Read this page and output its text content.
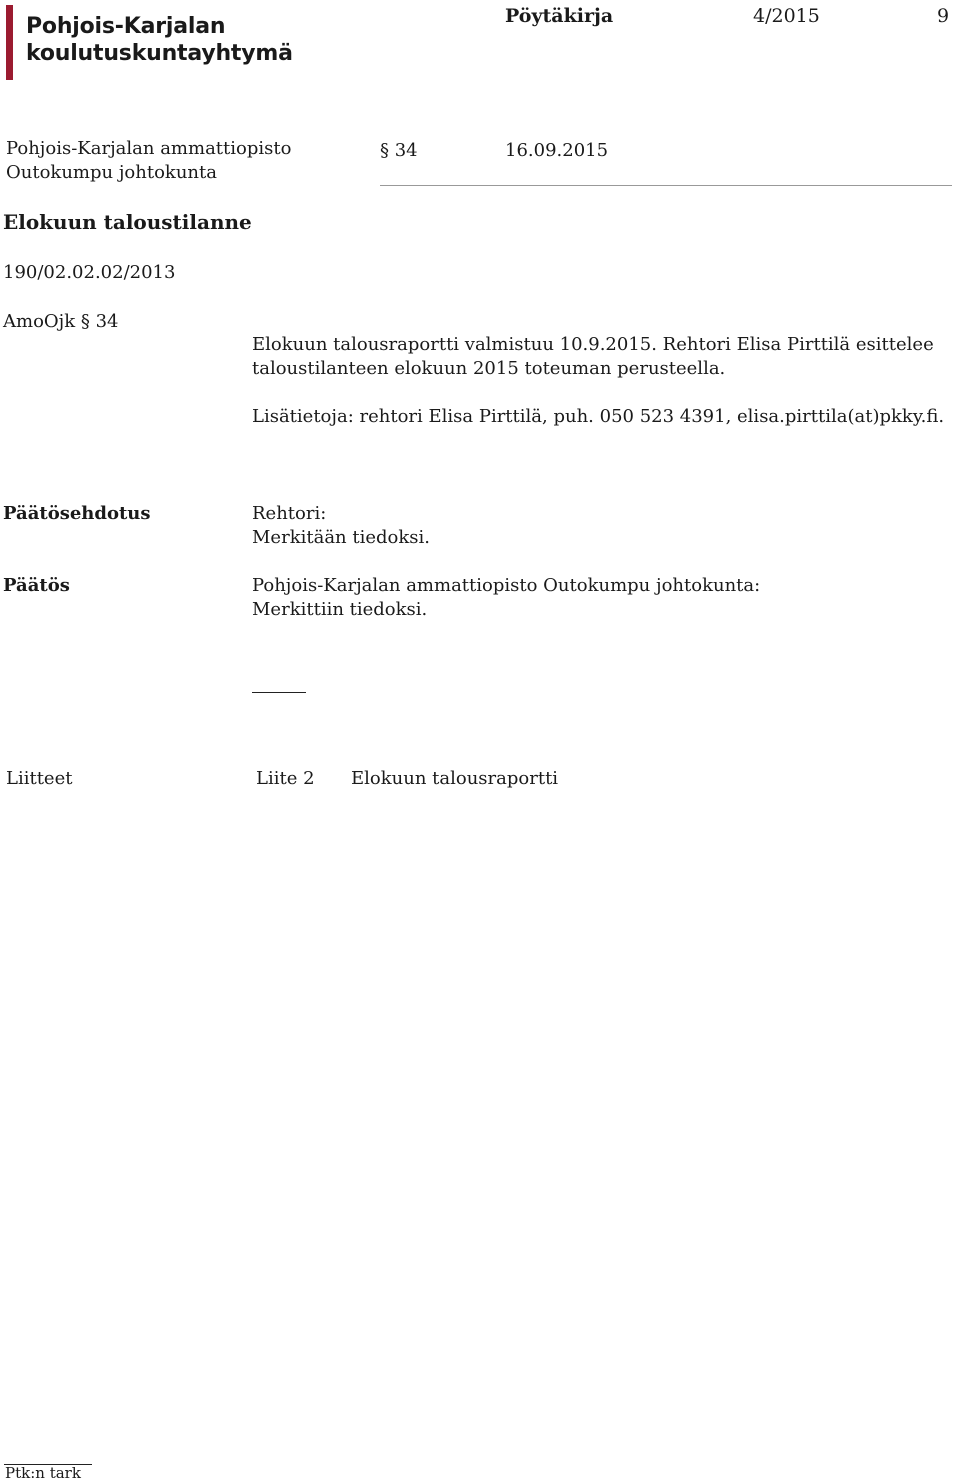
Pohjois-Karjalan
koulutuskuntayhtymä
Pöytäkirja	4/2015	9
Pohjois-Karjalan ammattiopisto
Outokumpu johtokunta
§ 34	16.09.2015
Elokuun taloustilanne
190/02.02.02/2013
AmoOjk § 34
Elokuun talousraportti valmistuu 10.9.2015. Rehtori Elisa Pirttilä esittelee
taloustilanteen elokuun 2015 toteuman perusteella.
Lisätietoja: rehtori Elisa Pirttilä, puh. 050 523 4391, elisa.pirttila(at)pkky.fi.
Päätösehdotus	Rehtori:
Merkitään tiedoksi.
Päätös	Pohjois-Karjalan ammattiopisto Outokumpu johtokunta:
Merkittiin tiedoksi.
Liitteet	Liite 2 Elokuun talousraportti
Ptk:n tark
